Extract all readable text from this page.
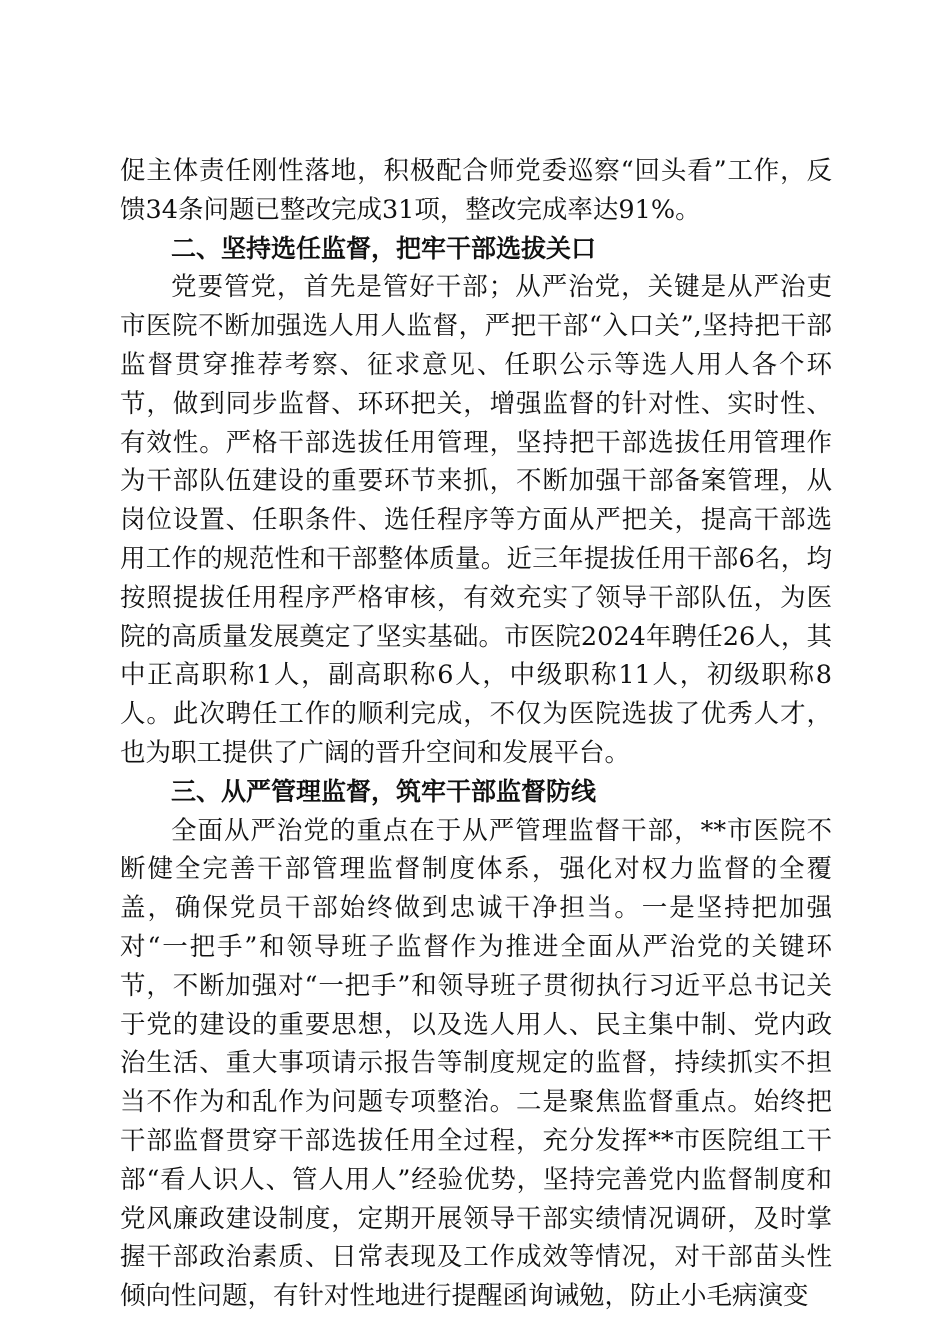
促主体责任刚性落地，积极配合师党委巡察“回头看”工作，反馈34条问题已整改完成31项，整改完成率达91%。

二、坚持选任监督，把牢干部选拔关口

党要管党，首先是管好干部；从严治党，关键是从严治吏市医院不断加强选人用人监督，严把干部“入口关”,坚持把干部监督贯穿推荐考察、征求意见、任职公示等选人用人各个环节，做到同步监督、环环把关，增强监督的针对性、实时性、有效性。严格干部选拔任用管理，坚持把干部选拔任用管理作为干部队伍建设的重要环节来抓，不断加强干部备案管理，从岗位设置、任职条件、选任程序等方面从严把关，提高干部选用工作的规范性和干部整体质量。近三年提拔任用干部6名，均按照提拔任用程序严格审核，有效充实了领导干部队伍，为医院的高质量发展奠定了坚实基础。市医院2024年聘任26人，其中正高职称1人，副高职称6人，中级职称11人，初级职称8人。此次聘任工作的顺利完成，不仅为医院选拔了优秀人才，也为职工提供了广阔的晋升空间和发展平台。

三、从严管理监督，筑牢干部监督防线

全面从严治党的重点在于从严管理监督干部，**市医院不断健全完善干部管理监督制度体系，强化对权力监督的全覆盖，确保党员干部始终做到忠诚干净担当。一是坚持把加强对“一把手”和领导班子监督作为推进全面从严治党的关键环节，不断加强对“一把手”和领导班子贯彻执行习近平总书记关于党的建设的重要思想，以及选人用人、民主集中制、党内政治生活、重大事项请示报告等制度规定的监督，持续抓实不担当不作为和乱作为问题专项整治。二是聚焦监督重点。始终把干部监督贯穿干部选拔任用全过程，充分发挥**市医院组工干部“看人识人、管人用人”经验优势，坚持完善党内监督制度和党风廉政建设制度，定期开展领导干部实绩情况调研，及时掌握干部政治素质、日常表现及工作成效等情况，对干部苗头性倾向性问题，有针对性地进行提醒函询诫勉，防止小毛病演变
